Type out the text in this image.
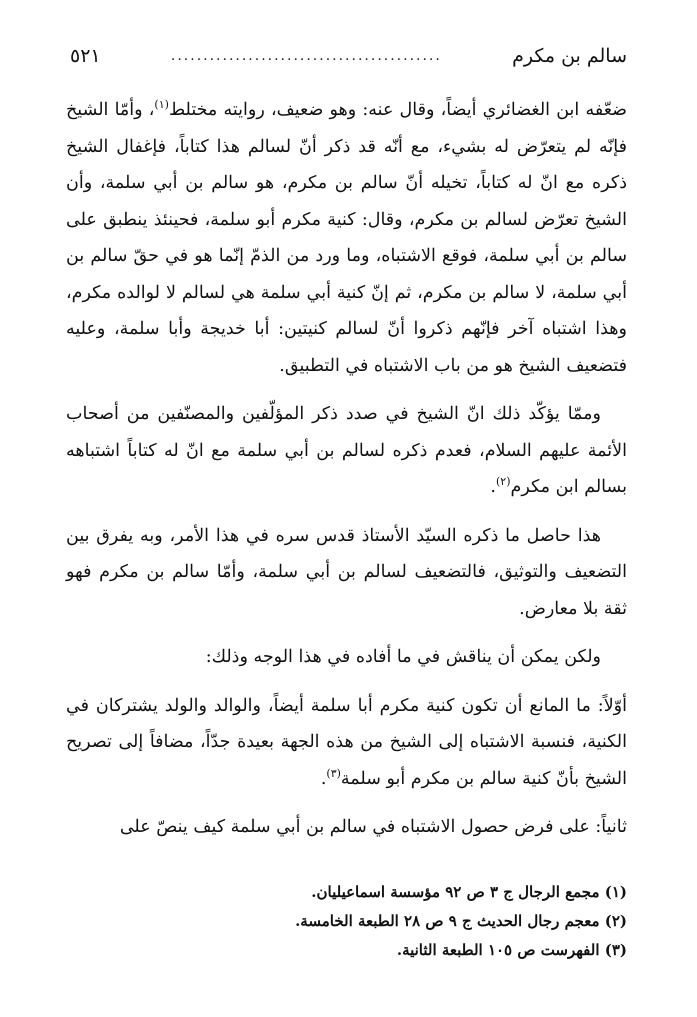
سالم بن مكرم
..........................................
٥٢١

ضعّفه ابن الغضائري أيضاً، وقال عنه: وهو ضعيف، روايته مختلط$^{(١)}$، وأمّا الشيخ فإنّه لم يتعرّض له بشيء، مع أنّه قد ذكر أنّ لسالم هذا كتاباً، فإغفال الشيخ ذكره مع انّ له كتاباً، تخيله أنّ سالم بن مكرم، هو سالم بن أبي سلمة، وأن الشيخ تعرّض لسالم بن مكرم، وقال: كنية مكرم أبو سلمة، فحينئذ ينطبق على سالم بن أبي سلمة، فوقع الاشتباه، وما ورد من الذمّ إنّما هو في حقّ سالم بن أبي سلمة، لا سالم بن مكرم، ثم إنّ كنية أبي سلمة هي لسالم لا لوالده مكرم، وهذا اشتباه آخر فإنّهم ذكروا أنّ لسالم كنيتين: أبا خديجة وأبا سلمة، وعليه فتضعيف الشيخ هو من باب الاشتباه في التطبيق.

وممّا يؤكّد ذلك انّ الشيخ في صدد ذكر المؤلّفين والمصنّفين من أصحاب الأئمة عليهم السلام، فعدم ذكره لسالم بن أبي سلمة مع انّ له كتاباً اشتباهه بسالم ابن مكرم$^{(٢)}$.

هذا حاصل ما ذكره السيّد الأستاذ قدس سره في هذا الأمر، وبه يفرق بين التضعيف والتوثيق، فالتضعيف لسالم بن أبي سلمة، وأمّا سالم بن مكرم فهو ثقة بلا معارض.

ولكن يمكن أن يناقش في ما أفاده في هذا الوجه وذلك:

أوّلاً: ما المانع أن تكون كنية مكرم أبا سلمة أيضاً، والوالد والولد يشتركان في الكنية، فنسبة الاشتباه إلى الشيخ من هذه الجهة بعيدة جدّاً، مضافاً إلى تصريح الشيخ بأنّ كنية سالم بن مكرم أبو سلمة$^{(٣)}$.

ثانياً: على فرض حصول الاشتباه في سالم بن أبي سلمة كيف ينصّ على

(١) مجمع الرجال ج ٣ ص ٩٢ مؤسسة اسماعيليان.
(٢) معجم رجال الحديث ج ٩ ص ٢٨ الطبعة الخامسة.
(٣) الفهرست ص ١٠٥ الطبعة الثانية.
